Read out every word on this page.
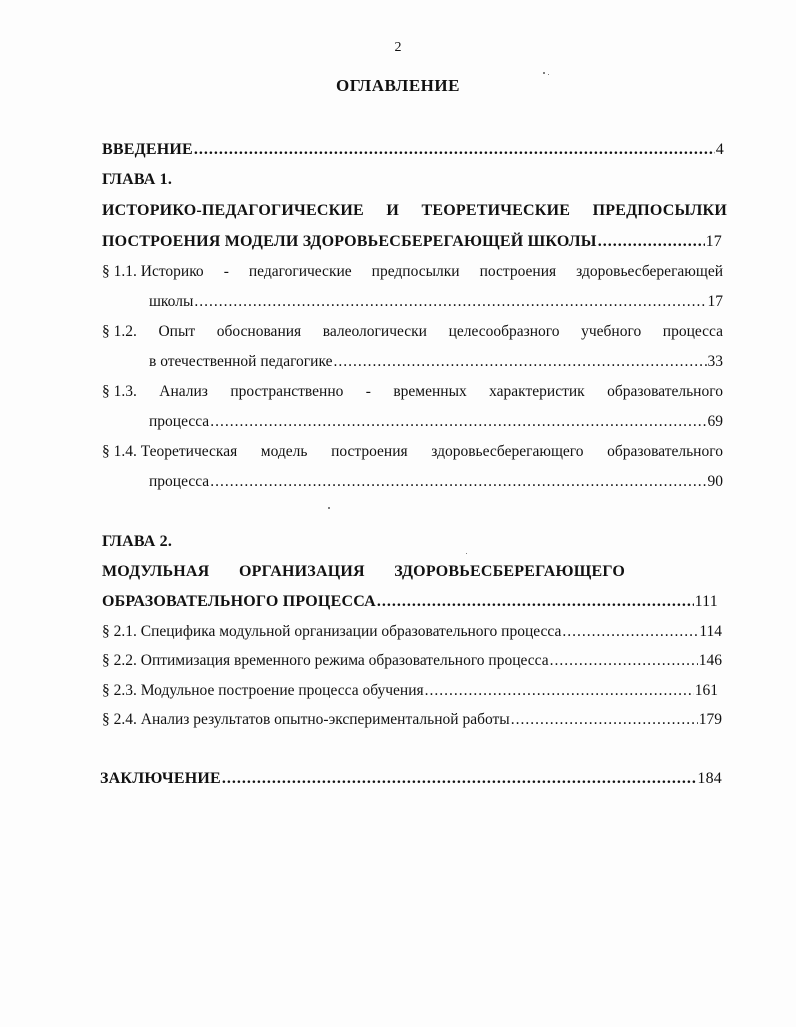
2
ОГЛАВЛЕНИЕ
ВВЕДЕНИЕ .....	4
ГЛАВА 1.
ИСТОРИКО-ПЕДАГОГИЧЕСКИЕ И ТЕОРЕТИЧЕСКИЕ ПРЕДПОСЫЛКИ
ПОСТРОЕНИЯ МОДЕЛИ ЗДОРОВЬЕСБЕРЕГАЮЩЕЙ ШКОЛЫ .....	17
§ 1.1. Историко - педагогические предпосылки построения здоровьесберегающей
школы .....	17
§ 1.2. Опыт обоснования валеологически целесообразного учебного процесса
в отечественной педагогике .....	33
§ 1.3. Анализ пространственно - временных характеристик образовательного
процесса .....	69
§ 1.4. Теоретическая модель построения здоровьесберегающего образовательного
процесса .....	90
ГЛАВА 2.
МОДУЛЬНАЯ ОРГАНИЗАЦИЯ ЗДОРОВЬЕСБЕРЕГАЮЩЕГО
ОБРАЗОВАТЕЛЬНОГО ПРОЦЕССА .....	111
§ 2.1. Специфика модульной организации образовательного процесса .....	114
§ 2.2. Оптимизация временного режима образовательного процесса .....	146
§ 2.3. Модульное построение процесса обучения .....	161
§ 2.4. Анализ результатов опытно-экспериментальной работы .....	179
ЗАКЛЮЧЕНИЕ .....	184
